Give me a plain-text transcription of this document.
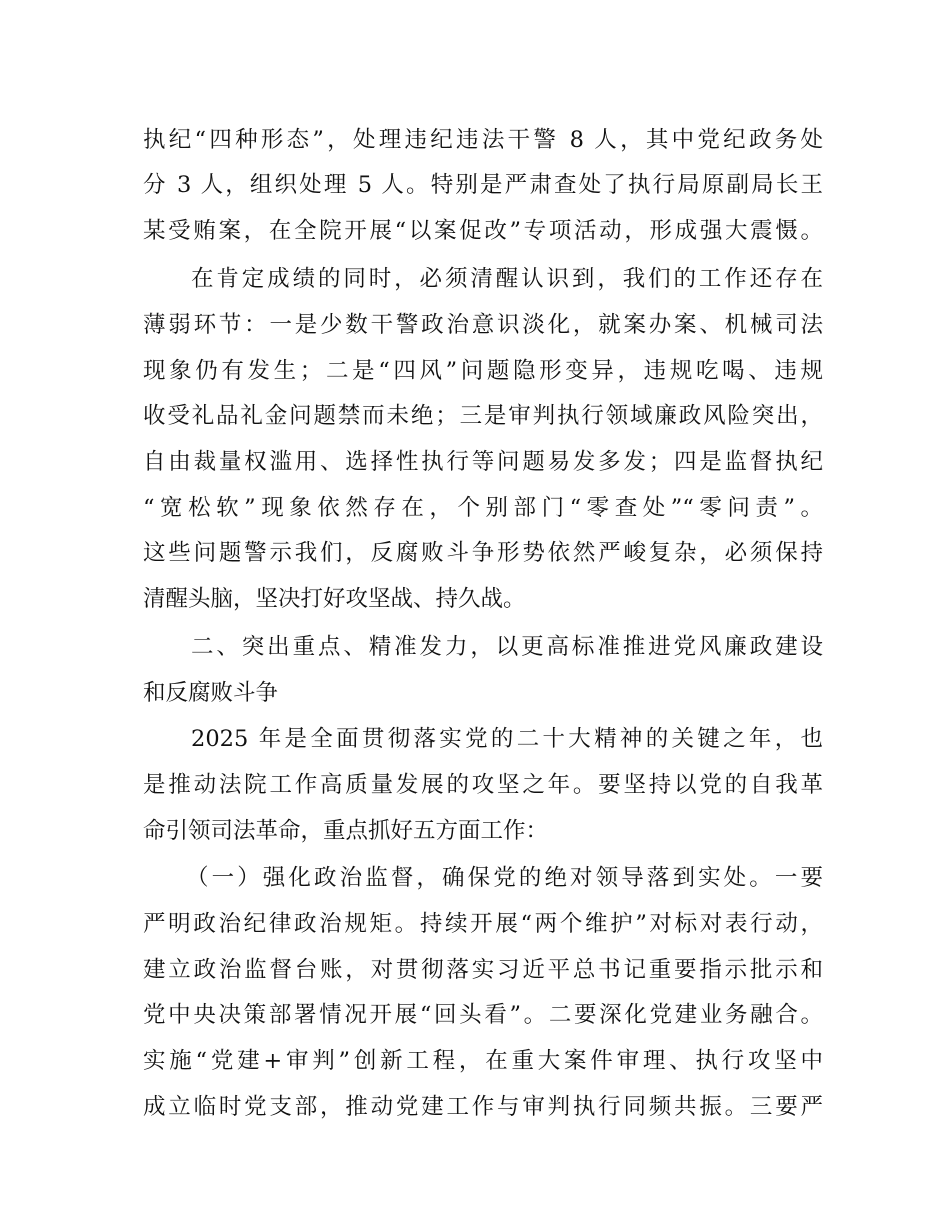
执纪“四种形态”，处理违纪违法干警 8 人，其中党纪政务处
分 3 人，组织处理 5 人。特别是严肃查处了执行局原副局长王
某受贿案，在全院开展“以案促改”专项活动，形成强大震慑。
在肯定成绩的同时，必须清醒认识到，我们的工作还存在
薄弱环节：一是少数干警政治意识淡化，就案办案、机械司法
现象仍有发生；二是“四风”问题隐形变异，违规吃喝、违规
收受礼品礼金问题禁而未绝；三是审判执行领域廉政风险突出，
自由裁量权滥用、选择性执行等问题易发多发；四是监督执纪
“宽松软”现象依然存在，个别部门“零查处”“零问责”。
这些问题警示我们，反腐败斗争形势依然严峻复杂，必须保持
清醒头脑，坚决打好攻坚战、持久战。
二、突出重点、精准发力，以更高标准推进党风廉政建设
和反腐败斗争
2025 年是全面贯彻落实党的二十大精神的关键之年，也
是推动法院工作高质量发展的攻坚之年。要坚持以党的自我革
命引领司法革命，重点抓好五方面工作：
（一）强化政治监督，确保党的绝对领导落到实处。一要
严明政治纪律政治规矩。持续开展“两个维护”对标对表行动，
建立政治监督台账，对贯彻落实习近平总书记重要指示批示和
党中央决策部署情况开展“回头看”。二要深化党建业务融合。
实施“党建+审判”创新工程，在重大案件审理、执行攻坚中
成立临时党支部，推动党建工作与审判执行同频共振。三要严
